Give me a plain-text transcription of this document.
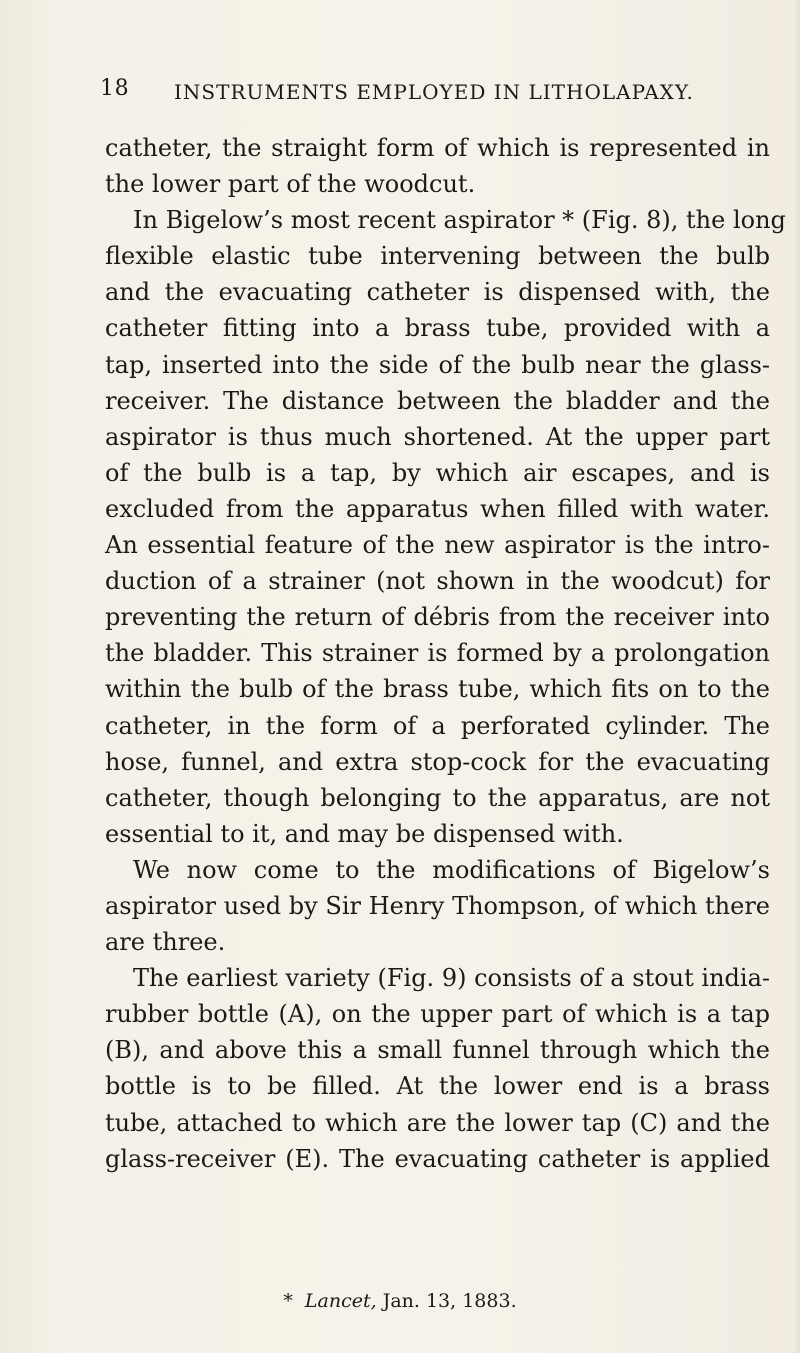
18 INSTRUMENTS EMPLOYED IN LITHOLAPAXY.
catheter, the straight form of which is represented in
the lower part of the woodcut.
In Bigelow’s most recent aspirator * (Fig. 8), the long
flexible elastic tube intervening between the bulb
and the evacuating catheter is dispensed with, the
catheter fitting into a brass tube, provided with a
tap, inserted into the side of the bulb near the glass-
receiver. The distance between the bladder and the
aspirator is thus much shortened. At the upper part
of the bulb is a tap, by which air escapes, and is
excluded from the apparatus when filled with water.
An essential feature of the new aspirator is the intro-
duction of a strainer (not shown in the woodcut) for
preventing the return of débris from the receiver into
the bladder. This strainer is formed by a prolongation
within the bulb of the brass tube, which fits on to the
catheter, in the form of a perforated cylinder. The
hose, funnel, and extra stop-cock for the evacuating
catheter, though belonging to the apparatus, are not
essential to it, and may be dispensed with.
We now come to the modifications of Bigelow’s
aspirator used by Sir Henry Thompson, of which there
are three.
The earliest variety (Fig. 9) consists of a stout india-
rubber bottle (A), on the upper part of which is a tap
(B), and above this a small funnel through which the
bottle is to be filled. At the lower end is a brass
tube, attached to which are the lower tap (C) and the
glass-receiver (E). The evacuating catheter is applied
* Lancet, Jan. 13, 1883.
